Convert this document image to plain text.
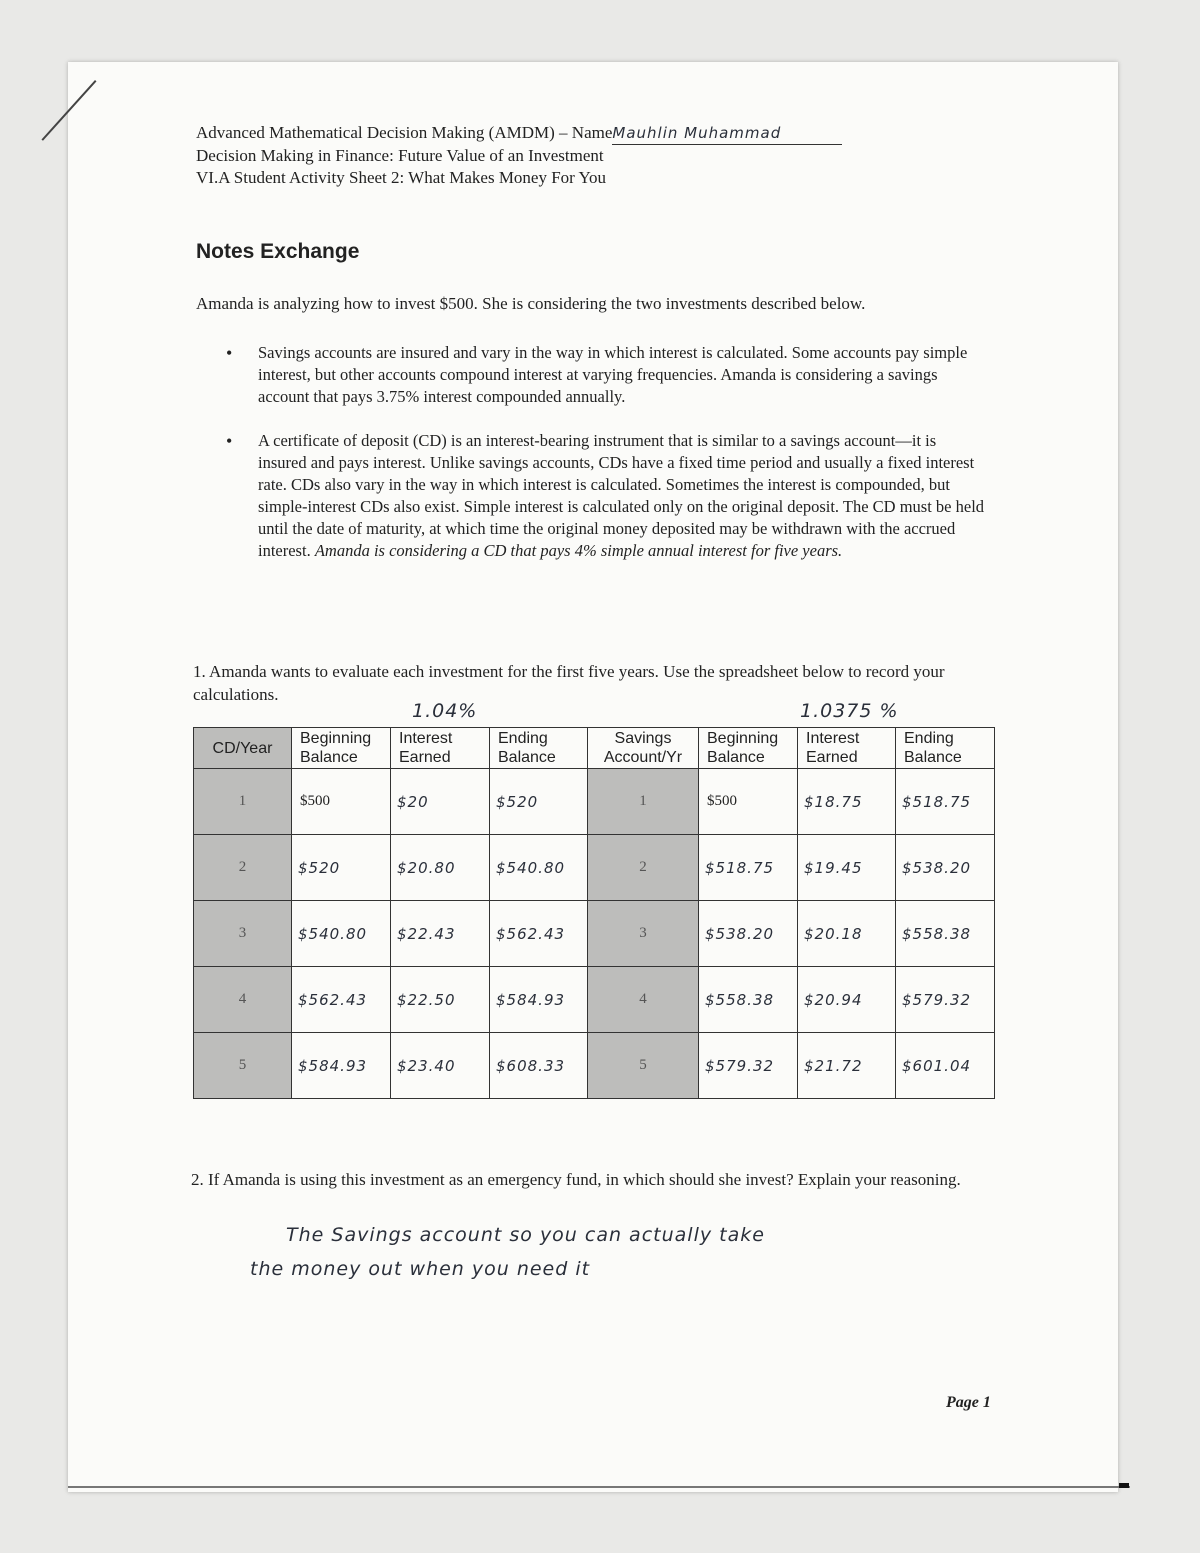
Advanced Mathematical Decision Making (AMDM) – NameMauhlin Muhammad
Decision Making in Finance: Future Value of an Investment
VI.A Student Activity Sheet 2: What Makes Money For You
Notes Exchange
Amanda is analyzing how to invest $500. She is considering the two investments described below.
• Savings accounts are insured and vary in the way in which interest is calculated. Some accounts pay simple interest, but other accounts compound interest at varying frequencies. Amanda is considering a savings account that pays 3.75% interest compounded annually.
• A certificate of deposit (CD) is an interest-bearing instrument that is similar to a savings account—it is insured and pays interest. Unlike savings accounts, CDs have a fixed time period and usually a fixed interest rate. CDs also vary in the way in which interest is calculated. Sometimes the interest is compounded, but simple-interest CDs also exist. Simple interest is calculated only on the original deposit. The CD must be held until the date of maturity, at which time the original money deposited may be withdrawn with the accrued interest. Amanda is considering a CD that pays 4% simple annual interest for five years.
1. Amanda wants to evaluate each investment for the first five years. Use the spreadsheet below to record your calculations.
1.04%	1.0375 %
CD/Year	Beginning Balance	Interest Earned	Ending Balance	Savings Account/Yr	Beginning Balance	Interest Earned	Ending Balance
1	$500	$20	$520	1	$500	$18.75	$518.75
2	$520	$20.80	$540.80	2	$518.75	$19.45	$538.20
3	$540.80	$22.43	$562.43	3	$538.20	$20.18	$558.38
4	$562.43	$22.50	$584.93	4	$558.38	$20.94	$579.32
5	$584.93	$23.40	$608.33	5	$579.32	$21.72	$601.04
2. If Amanda is using this investment as an emergency fund, in which should she invest? Explain your reasoning.
The Savings account so you can actually take
the money out when you need it
Page 1
